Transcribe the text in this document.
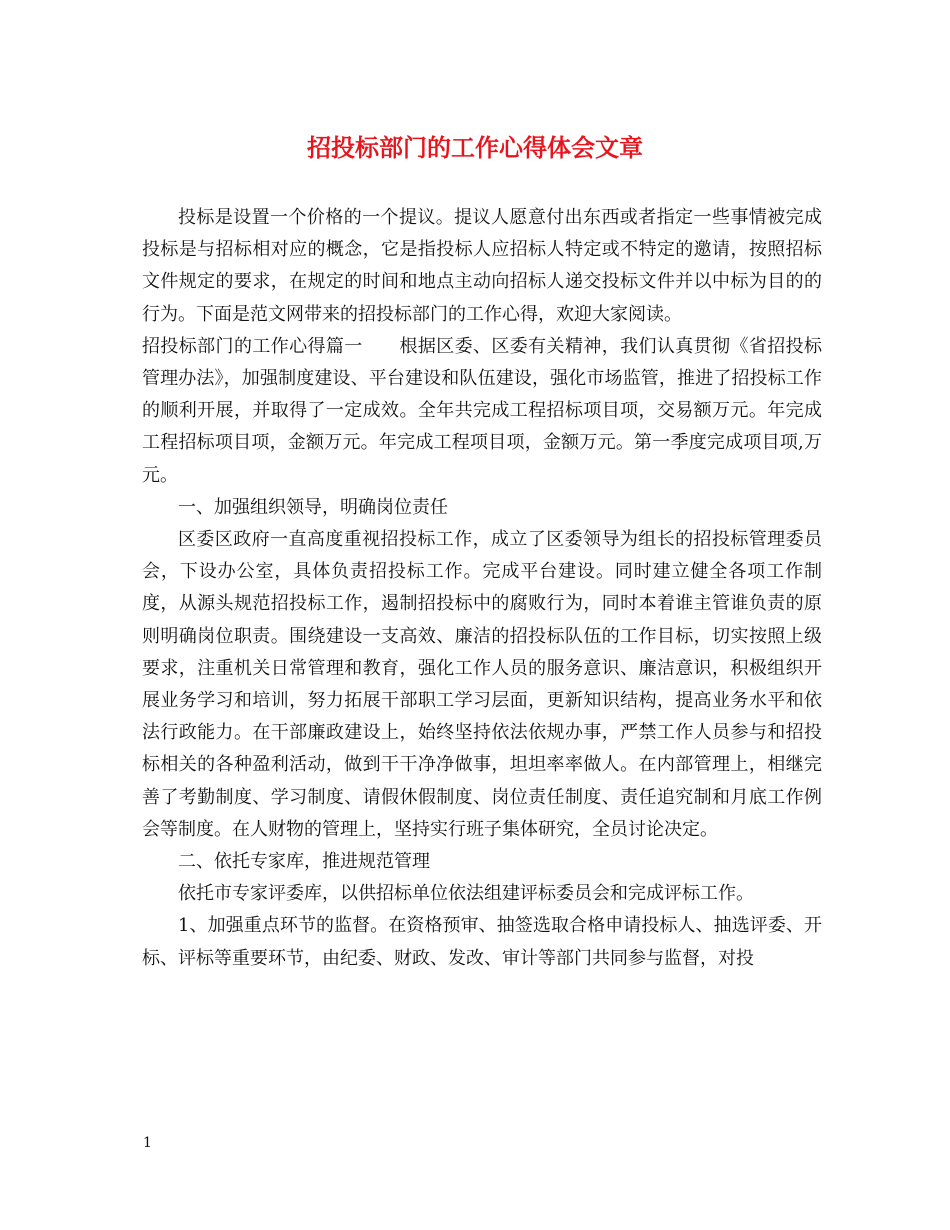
招投标部门的工作心得体会文章

投标是设置一个价格的一个提议。提议人愿意付出东西或者指定一些事情被完成投标是与招标相对应的概念，它是指投标人应招标人特定或不特定的邀请，按照招标文件规定的要求，在规定的时间和地点主动向招标人递交投标文件并以中标为目的的行为。下面是范文网带来的招投标部门的工作心得，欢迎大家阅读。

招投标部门的工作心得篇一　　根据区委、区委有关精神，我们认真贯彻《省招投标管理办法》，加强制度建设、平台建设和队伍建设，强化市场监管，推进了招投标工作的顺利开展，并取得了一定成效。全年共完成工程招标项目项，交易额万元。年完成工程招标项目项，金额万元。年完成工程项目项，金额万元。第一季度完成项目项,万元。

一、加强组织领导，明确岗位责任

区委区政府一直高度重视招投标工作，成立了区委领导为组长的招投标管理委员会，下设办公室，具体负责招投标工作。完成平台建设。同时建立健全各项工作制度，从源头规范招投标工作，遏制招投标中的腐败行为，同时本着谁主管谁负责的原则明确岗位职责。围绕建设一支高效、廉洁的招投标队伍的工作目标，切实按照上级要求，注重机关日常管理和教育，强化工作人员的服务意识、廉洁意识，积极组织开展业务学习和培训，努力拓展干部职工学习层面，更新知识结构，提高业务水平和依法行政能力。在干部廉政建设上，始终坚持依法依规办事，严禁工作人员参与和招投标相关的各种盈利活动，做到干干净净做事，坦坦率率做人。在内部管理上，相继完善了考勤制度、学习制度、请假休假制度、岗位责任制度、责任追究制和月底工作例会等制度。在人财物的管理上，坚持实行班子集体研究，全员讨论决定。

二、依托专家库，推进规范管理

依托市专家评委库，以供招标单位依法组建评标委员会和完成评标工作。

1、加强重点环节的监督。在资格预审、抽签选取合格申请投标人、抽选评委、开标、评标等重要环节，由纪委、财政、发改、审计等部门共同参与监督，对投

1
